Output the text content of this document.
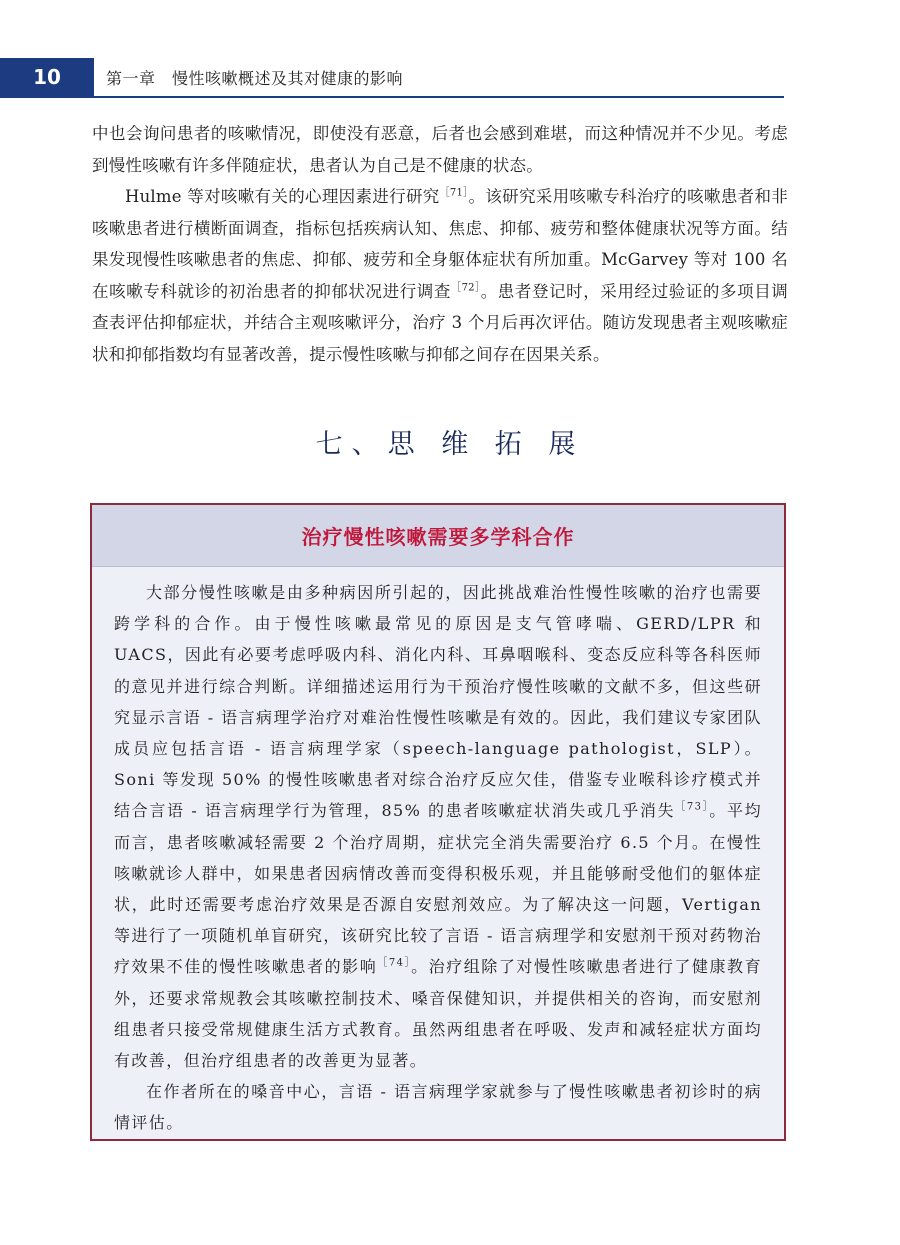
10	第一章　慢性咳嗽概述及其对健康的影响

中也会询问患者的咳嗽情况，即使没有恶意，后者也会感到难堪，而这种情况并不少见。考虑到慢性咳嗽有许多伴随症状，患者认为自己是不健康的状态。

Hulme 等对咳嗽有关的心理因素进行研究$^{[71]}$。该研究采用咳嗽专科治疗的咳嗽患者和非咳嗽患者进行横断面调查，指标包括疾病认知、焦虑、抑郁、疲劳和整体健康状况等方面。结果发现慢性咳嗽患者的焦虑、抑郁、疲劳和全身躯体症状有所加重。McGarvey 等对 100 名在咳嗽专科就诊的初治患者的抑郁状况进行调查$^{[72]}$。患者登记时，采用经过验证的多项目调查表评估抑郁症状，并结合主观咳嗽评分，治疗 3 个月后再次评估。随访发现患者主观咳嗽症状和抑郁指数均有显著改善，提示慢性咳嗽与抑郁之间存在因果关系。

七、思 维 拓 展
治疗慢性咳嗽需要多学科合作

大部分慢性咳嗽是由多种病因所引起的，因此挑战难治性慢性咳嗽的治疗也需要跨学科的合作。由于慢性咳嗽最常见的原因是支气管哮喘、GERD/LPR 和 UACS，因此有必要考虑呼吸内科、消化内科、耳鼻咽喉科、变态反应科等各科医师的意见并进行综合判断。详细描述运用行为干预治疗慢性咳嗽的文献不多，但这些研究显示言语 - 语言病理学治疗对难治性慢性咳嗽是有效的。因此，我们建议专家团队成员应包括言语 - 语言病理学家（speech-language pathologist，SLP）。Soni 等发现 50% 的慢性咳嗽患者对综合治疗反应欠佳，借鉴专业喉科诊疗模式并结合言语 - 语言病理学行为管理，85% 的患者咳嗽症状消失或几乎消失$^{[73]}$。平均而言，患者咳嗽减轻需要 2 个治疗周期，症状完全消失需要治疗 6.5 个月。在慢性咳嗽就诊人群中，如果患者因病情改善而变得积极乐观，并且能够耐受他们的躯体症状，此时还需要考虑治疗效果是否源自安慰剂效应。为了解决这一问题，Vertigan 等进行了一项随机单盲研究，该研究比较了言语 - 语言病理学和安慰剂干预对药物治疗效果不佳的慢性咳嗽患者的影响$^{[74]}$。治疗组除了对慢性咳嗽患者进行了健康教育外，还要求常规教会其咳嗽控制技术、嗓音保健知识，并提供相关的咨询，而安慰剂组患者只接受常规健康生活方式教育。虽然两组患者在呼吸、发声和减轻症状方面均有改善，但治疗组患者的改善更为显著。

在作者所在的嗓音中心，言语 - 语言病理学家就参与了慢性咳嗽患者初诊时的病情评估。
